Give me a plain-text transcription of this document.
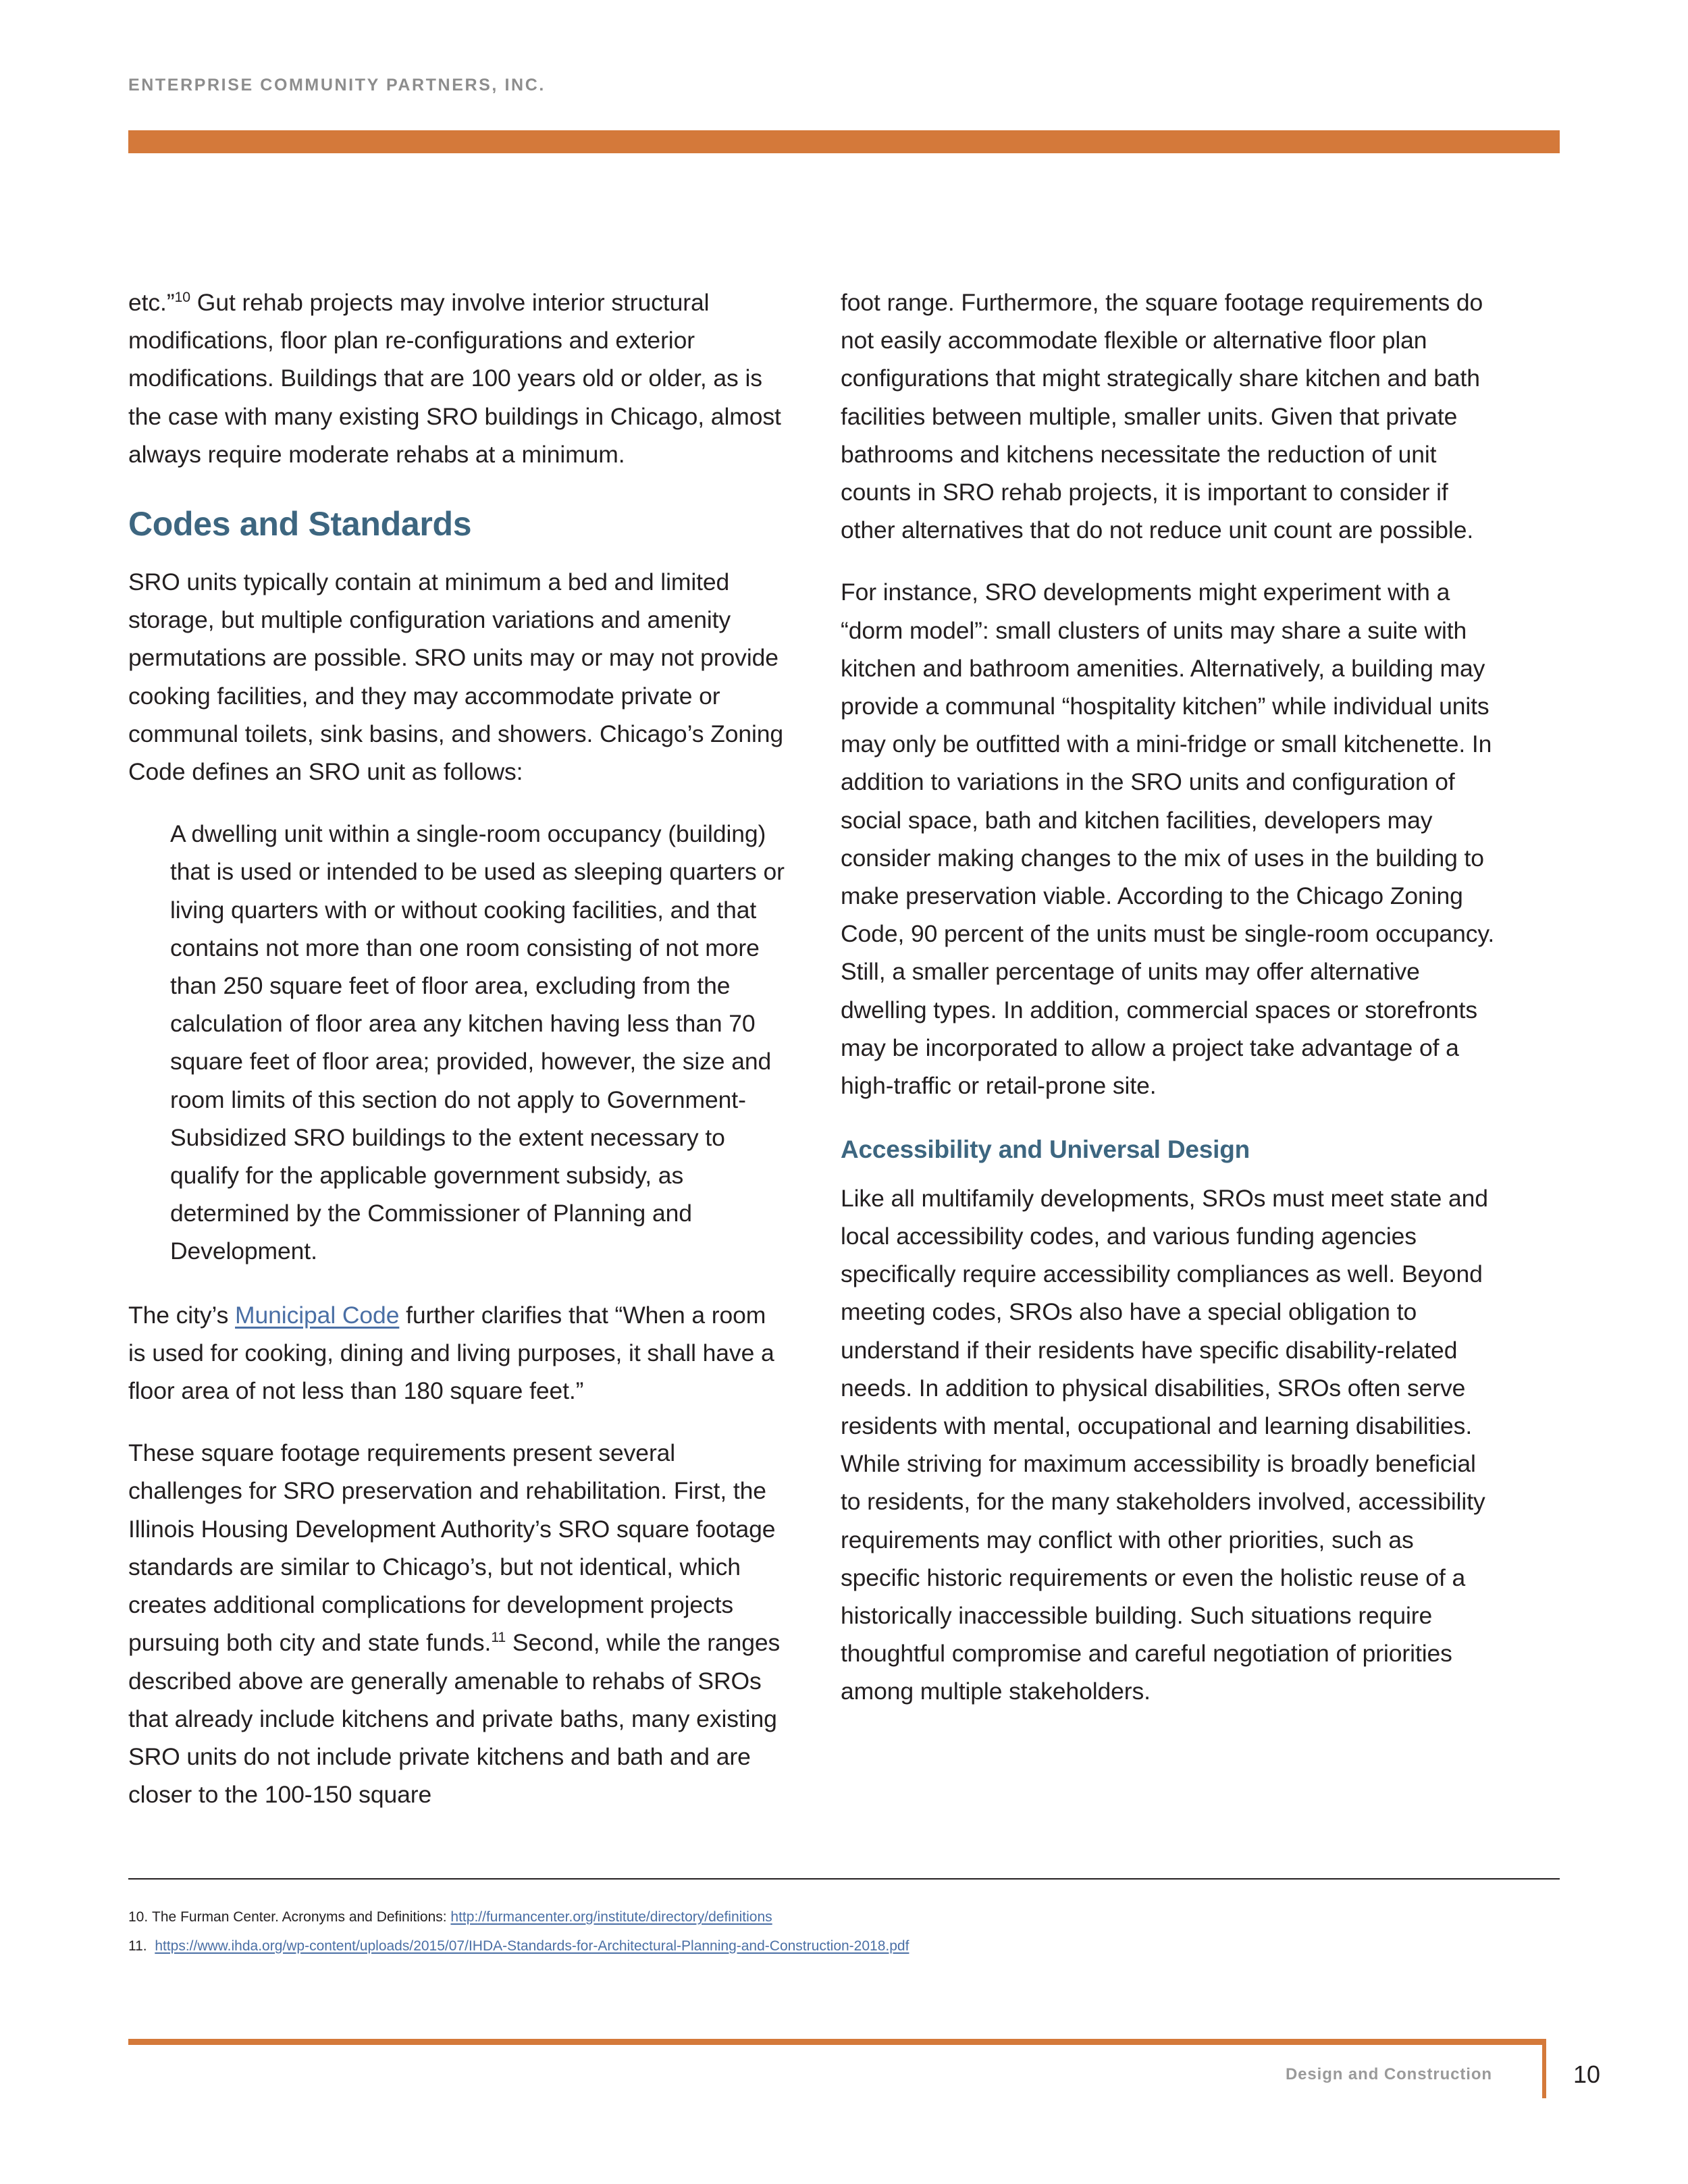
ENTERPRISE COMMUNITY PARTNERS, INC.

etc.”$^{10}$ Gut rehab projects may involve interior structural modifications, floor plan re-configurations and exterior modifications. Buildings that are 100 years old or older, as is the case with many existing SRO buildings in Chicago, almost always require moderate rehabs at a minimum.

Codes and Standards

SRO units typically contain at minimum a bed and limited storage, but multiple configuration variations and amenity permutations are possible. SRO units may or may not provide cooking facilities, and they may accommodate private or communal toilets, sink basins, and showers. Chicago’s Zoning Code defines an SRO unit as follows:

A dwelling unit within a single-room occupancy (building) that is used or intended to be used as sleeping quarters or living quarters with or without cooking facilities, and that contains not more than one room consisting of not more than 250 square feet of floor area, excluding from the calculation of floor area any kitchen having less than 70 square feet of floor area; provided, however, the size and room limits of this section do not apply to Government-Subsidized SRO buildings to the extent necessary to qualify for the applicable government subsidy, as determined by the Commissioner of Planning and Development.

The city’s Municipal Code further clarifies that “When a room is used for cooking, dining and living purposes, it shall have a floor area of not less than 180 square feet.”

These square footage requirements present several challenges for SRO preservation and rehabilitation. First, the Illinois Housing Development Authority’s SRO square footage standards are similar to Chicago’s, but not identical, which creates additional complications for development projects pursuing both city and state funds.$^{11}$ Second, while the ranges described above are generally amenable to rehabs of SROs that already include kitchens and private baths, many existing SRO units do not include private kitchens and bath and are closer to the 100-150 square

foot range. Furthermore, the square footage requirements do not easily accommodate flexible or alternative floor plan configurations that might strategically share kitchen and bath facilities between multiple, smaller units. Given that private bathrooms and kitchens necessitate the reduction of unit counts in SRO rehab projects, it is important to consider if other alternatives that do not reduce unit count are possible.

For instance, SRO developments might experiment with a “dorm model”: small clusters of units may share a suite with kitchen and bathroom amenities. Alternatively, a building may provide a communal “hospitality kitchen” while individual units may only be outfitted with a mini-fridge or small kitchenette. In addition to variations in the SRO units and configuration of social space, bath and kitchen facilities, developers may consider making changes to the mix of uses in the building to make preservation viable. According to the Chicago Zoning Code, 90 percent of the units must be single-room occupancy. Still, a smaller percentage of units may offer alternative dwelling types. In addition, commercial spaces or storefronts may be incorporated to allow a project take advantage of a high-traffic or retail-prone site.

Accessibility and Universal Design

Like all multifamily developments, SROs must meet state and local accessibility codes, and various funding agencies specifically require accessibility compliances as well. Beyond meeting codes, SROs also have a special obligation to understand if their residents have specific disability-related needs. In addition to physical disabilities, SROs often serve residents with mental, occupational and learning disabilities. While striving for maximum accessibility is broadly beneficial to residents, for the many stakeholders involved, accessibility requirements may conflict with other priorities, such as specific historic requirements or even the holistic reuse of a historically inaccessible building. Such situations require thoughtful compromise and careful negotiation of priorities among multiple stakeholders.

10. The Furman Center. Acronyms and Definitions: http://furmancenter.org/institute/directory/definitions
11. https://www.ihda.org/wp-content/uploads/2015/07/IHDA-Standards-for-Architectural-Planning-and-Construction-2018.pdf
Design and Construction	10
